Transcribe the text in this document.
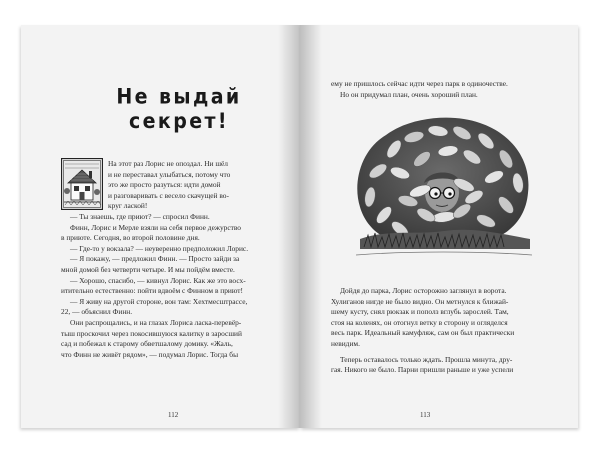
Не выдай секрет!

На этот раз Лорис не опоздал. Ни шёл

и не переставал улыбаться, потому что

это же просто разуться: идти домой

и разговаривать с весело скачущей во-

круг лаской!

— Ты знаешь, где приют? — спросил Финн.

Финн, Лорис и Мерле взяли на себя первое дежурство

в приюте. Сегодня, во второй половине дня.

— Где-то у вокзала? — неуверенно предположил Лорис.

— Я покажу, — предложил Финн. — Просто зайди за

мной домой без четверти четыре. И мы пойдём вместе.

— Хорошо, спасибо, — кивнул Лорис. Как же это восх-

итительно естественно: пойти вдвоём с Финном в приют!

— Я живу на другой стороне, вон там: Хехтмесштрассе,

22, — объяснил Финн.

Они распрощались, и на глазах Лориса ласка-перевёр-

тыш проскочил через покосившуюся калитку в заросший

сад и побежал к старому обветшалому домику. «Жаль,

что Финн не живёт рядом», — подумал Лорис. Тогда бы

112

ему не пришлось сейчас идти через парк в одиночестве.

Но он придумал план, очень хороший план.

Дойдя до парка, Лорис осторожно заглянул в ворота.

Хулиганов нигде не было видно. Он метнулся к ближай-

шему кусту, снял рюкзак и пополз вглубь зарослей. Там,

стоя на коленях, он отогнул ветку в сторону и огляделся

весь парк. Идеальный камуфляж, сам он был практически

невидим.

Теперь оставалось только ждать. Прошла минута, дру-

гая. Никого не было. Парни пришли раньше и уже успели

113
